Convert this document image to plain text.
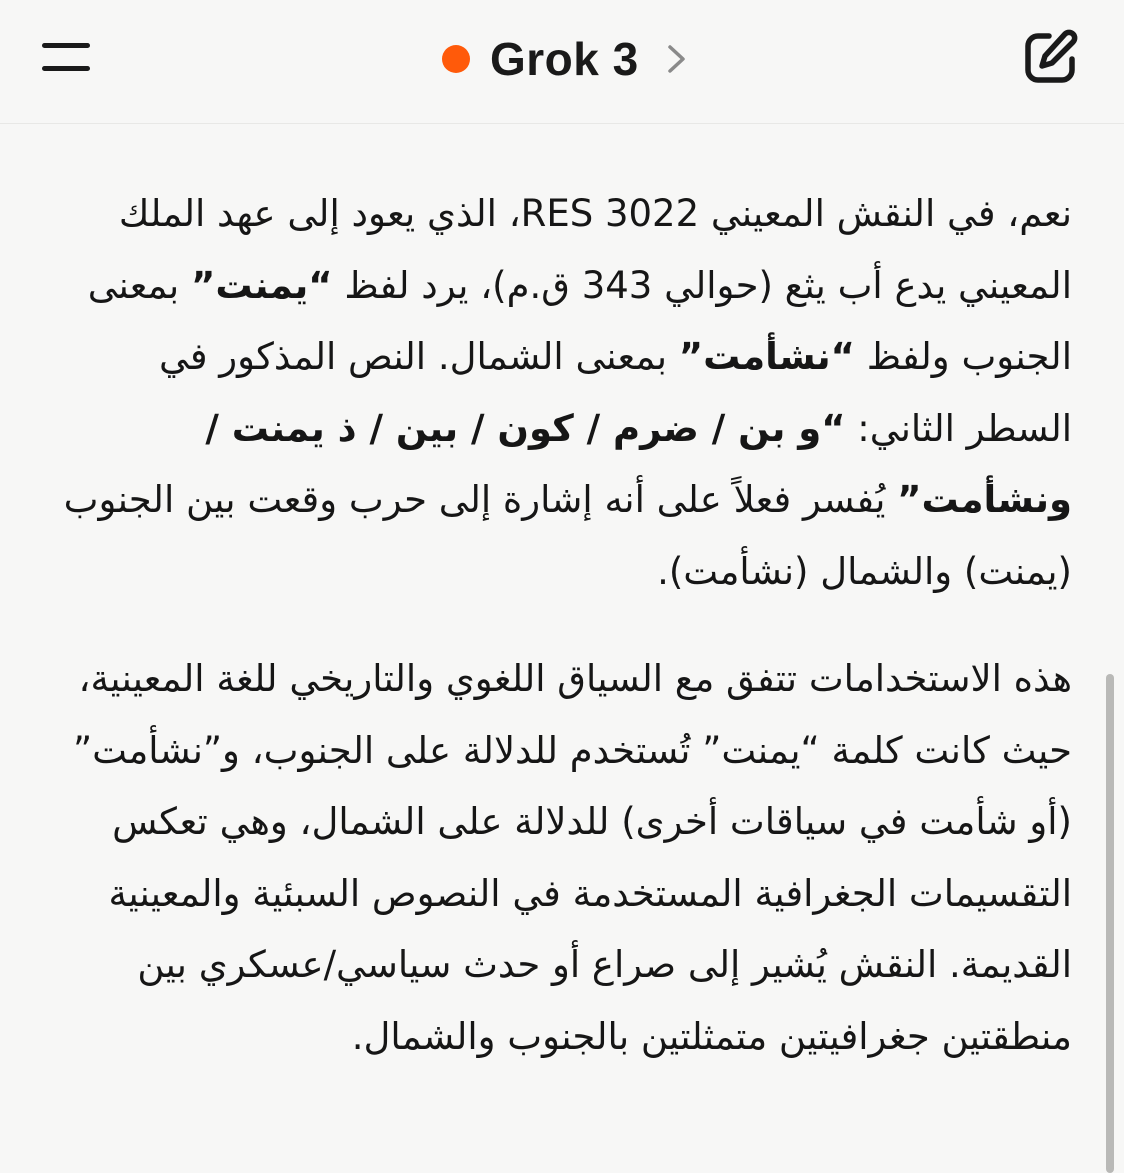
Grok 3

نعم، في النقش المعيني RES 3022، الذي يعود إلى عهد الملك المعيني يدع أب يثع (حوالي 343 ق.م)، يرد لفظ “يمنت” بمعنى الجنوب ولفظ “نشأمت” بمعنى الشمال. النص المذكور في السطر الثاني: “و بن / ضرم / كون / بين / ذ يمنت / ونشأمت” يُفسر فعلاً على أنه إشارة إلى حرب وقعت بين الجنوب (يمنت) والشمال (نشأمت).

هذه الاستخدامات تتفق مع السياق اللغوي والتاريخي للغة المعينية، حيث كانت كلمة “يمنت” تُستخدم للدلالة على الجنوب، و”نشأمت” (أو شأمت في سياقات أخرى) للدلالة على الشمال، وهي تعكس التقسيمات الجغرافية المستخدمة في النصوص السبئية والمعينية القديمة. النقش يُشير إلى صراع أو حدث سياسي/عسكري بين منطقتين جغرافيتين متمثلتين بالجنوب والشمال.
